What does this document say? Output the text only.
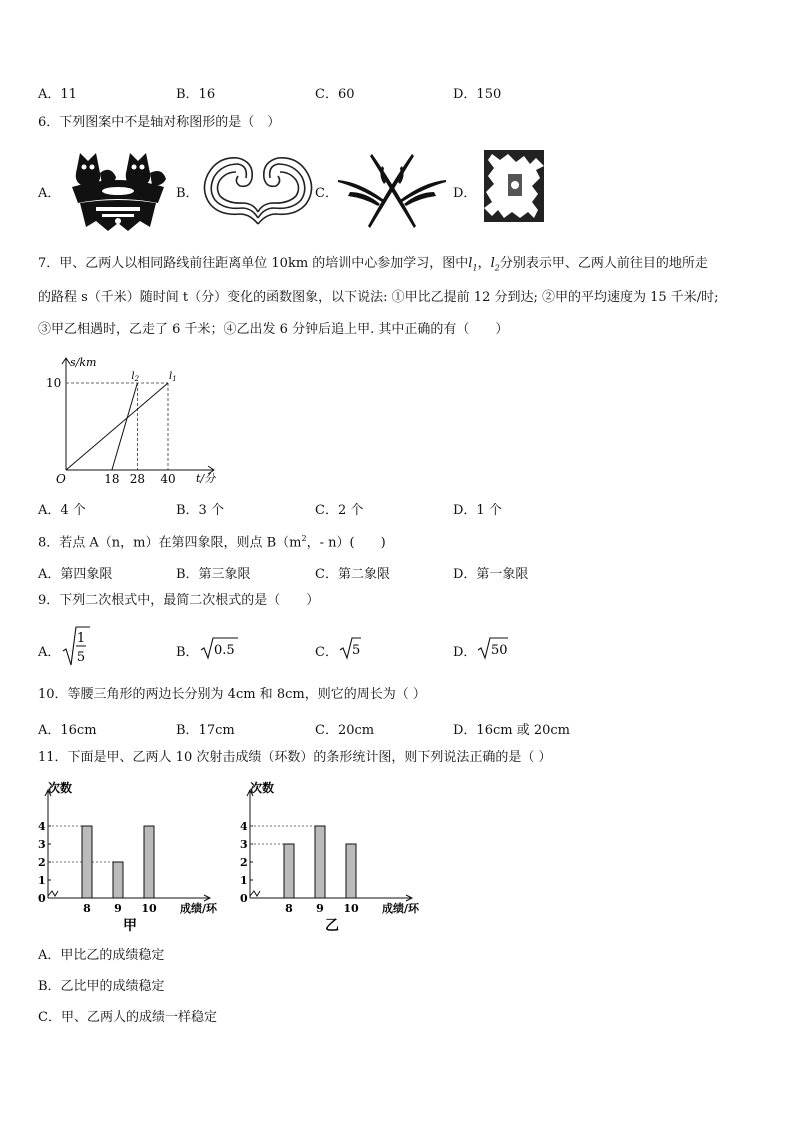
A．11	B．16	C．60	D．150
6．下列图案中不是轴对称图形的是（　）
A．	B．	C．	D．
7．甲、乙两人以相同路线前往距离单位 10km 的培训中心参加学习，图中$l_1$，$l_2$分别表示甲、乙两人前往目的地所走
的路程 s（千米）随时间 t（分）变化的函数图象，以下说法: ①甲比乙提前 12 分到达; ②甲的平均速度为 15 千米/时;
③甲乙相遇时，乙走了 6 千米；④乙出发 6 分钟后追上甲. 其中正确的有（　　）
s/km
t/分
O
10
18 28 40
$l_1$
$l_2$
A．4 个	B．3 个	C．2 个	D．1 个
8．若点 A（n，m）在第四象限，则点 $B(m^2$，- n）(　　)
A．第四象限	B．第三象限	C．第二象限	D．第一象限
9．下列二次根式中，最简二次根式的是（　　）
A．
1
5	B． 0.5	C． 5	D． 50
10．等腰三角形的两边长分别为 4cm 和 8cm，则它的周长为（ ）
A．16cm	B．17cm	C．20cm	D．16cm 或 20cm
11．下面是甲、乙两人 10 次射击成绩（环数）的条形统计图，则下列说法正确的是（ ）
次数
0
1
2
3
4
8 9 10 成绩/环
甲
次数
0
1
2
3
4
8 9 10 成绩/环
乙
A．甲比乙的成绩稳定
B．乙比甲的成绩稳定
C．甲、乙两人的成绩一样稳定
